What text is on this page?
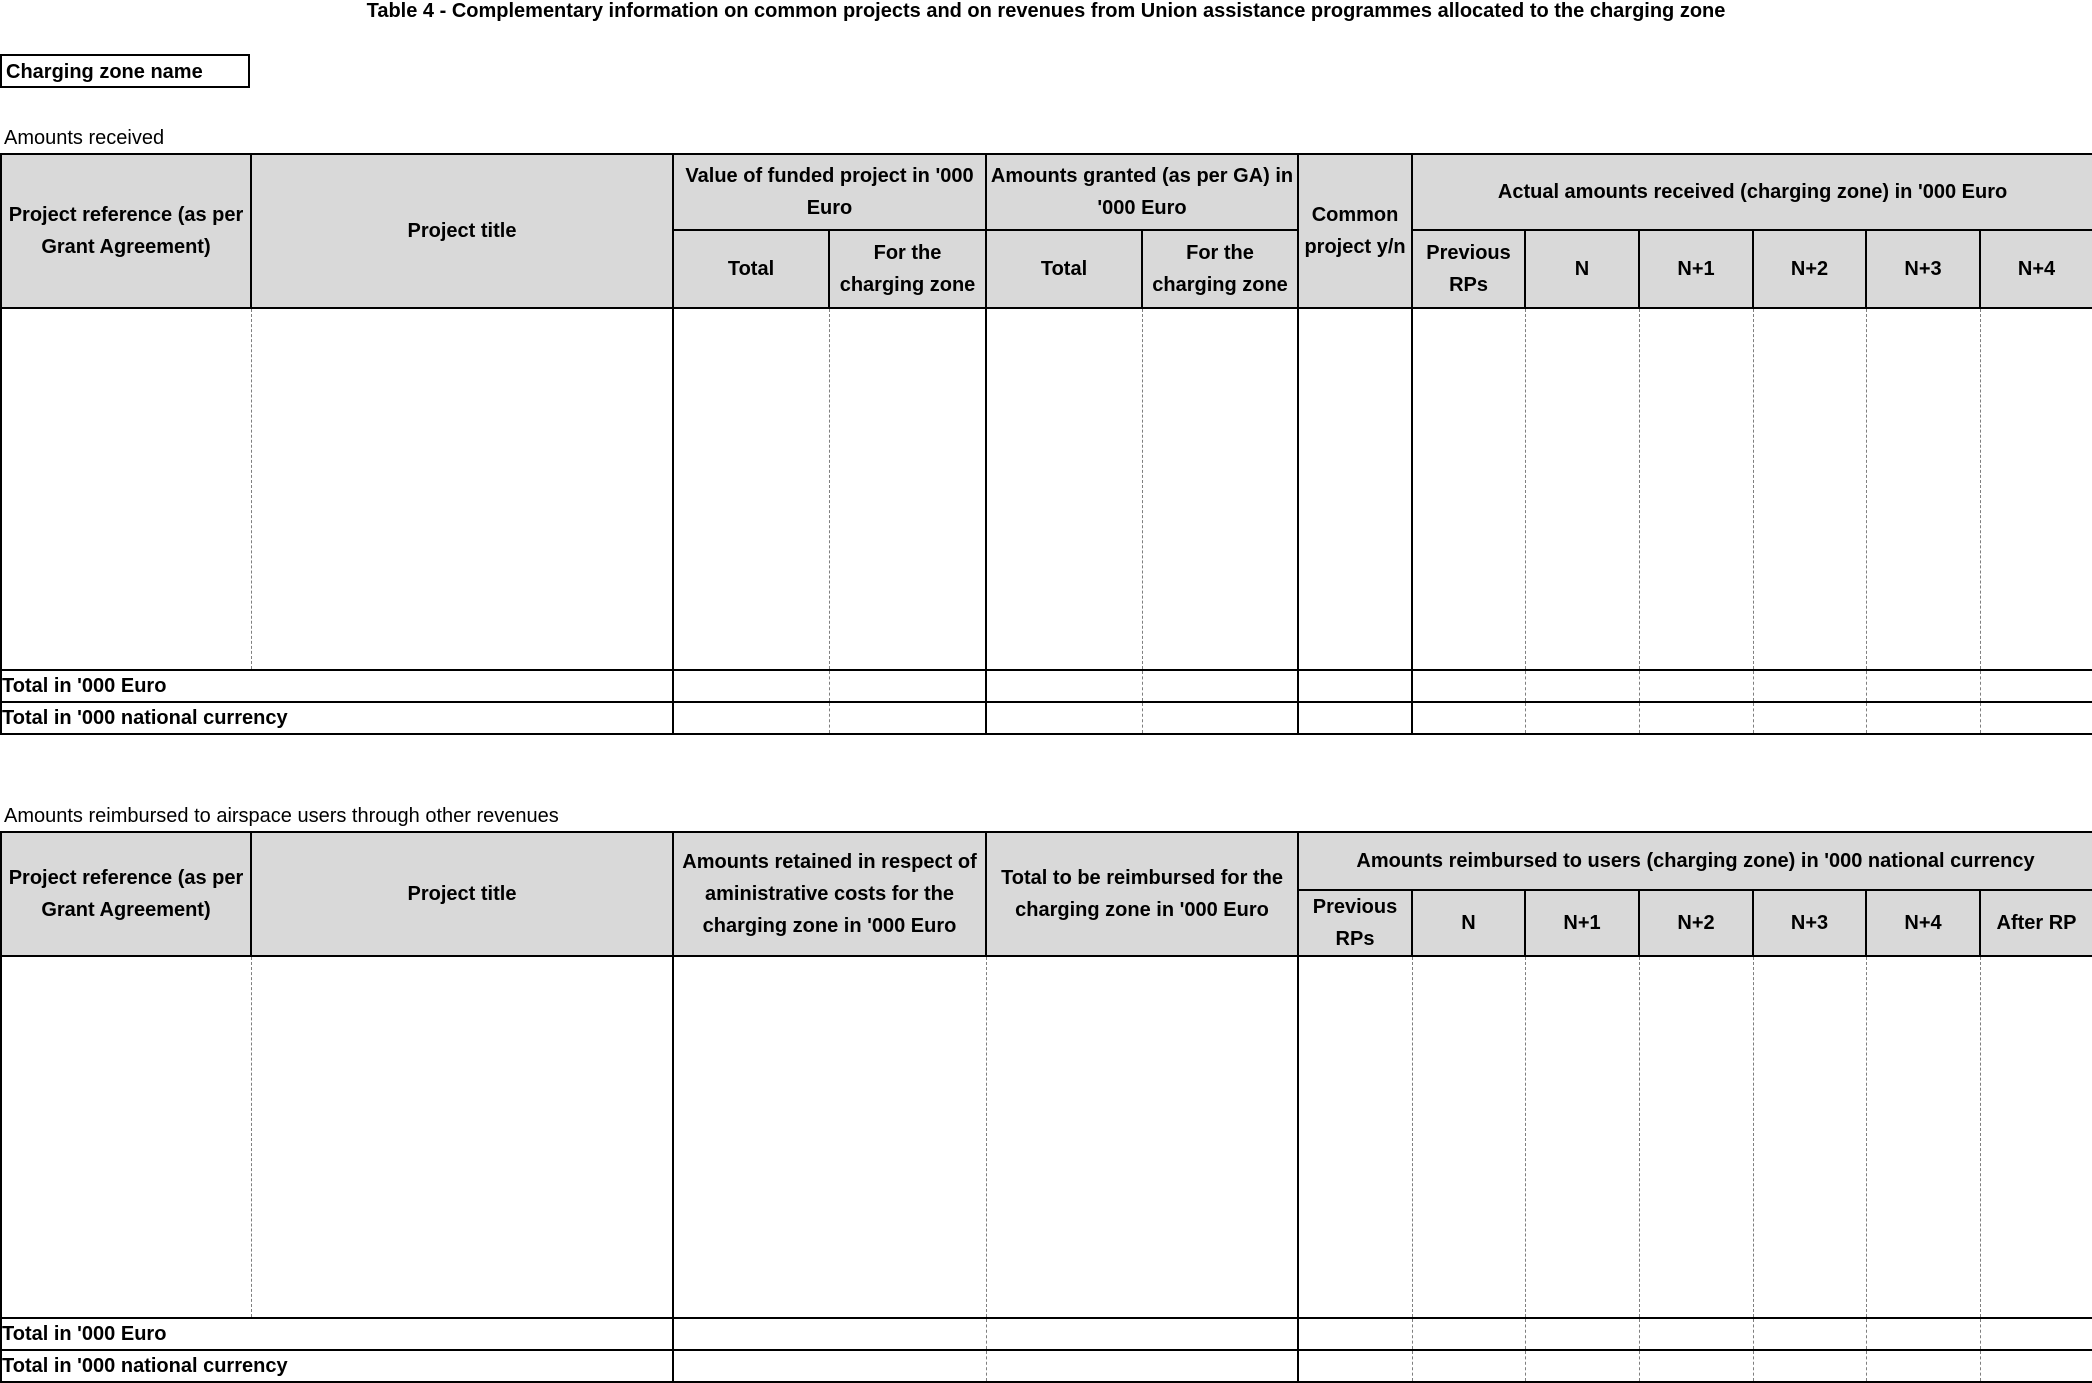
Table 4 - Complementary information on common projects and on revenues from Union assistance programmes allocated to the charging zone
Charging zone name
Amounts received
Project reference (as per Grant Agreement)	Project title	Value of funded project in '000 Euro		Amounts granted (as per GA) in '000 Euro		Common project y/n	Actual amounts received (charging zone) in '000 Euro					
		Total	For the charging zone	Total	For the charging zone		Previous RPs	N	N+1	N+2	N+3	N+4

Total in '000 Euro												
Total in '000 national currency												
Amounts reimbursed to airspace users through other revenues
Project reference (as per Grant Agreement)	Project title	Amounts retained in respect of aministrative costs for the charging zone in '000 Euro	Total to be reimbursed for the charging zone in '000 Euro	Amounts reimbursed to users (charging zone) in '000 national currency						
				Previous RPs	N	N+1	N+2	N+3	N+4	After RP

Total in '000 Euro										
Total in '000 national currency										
